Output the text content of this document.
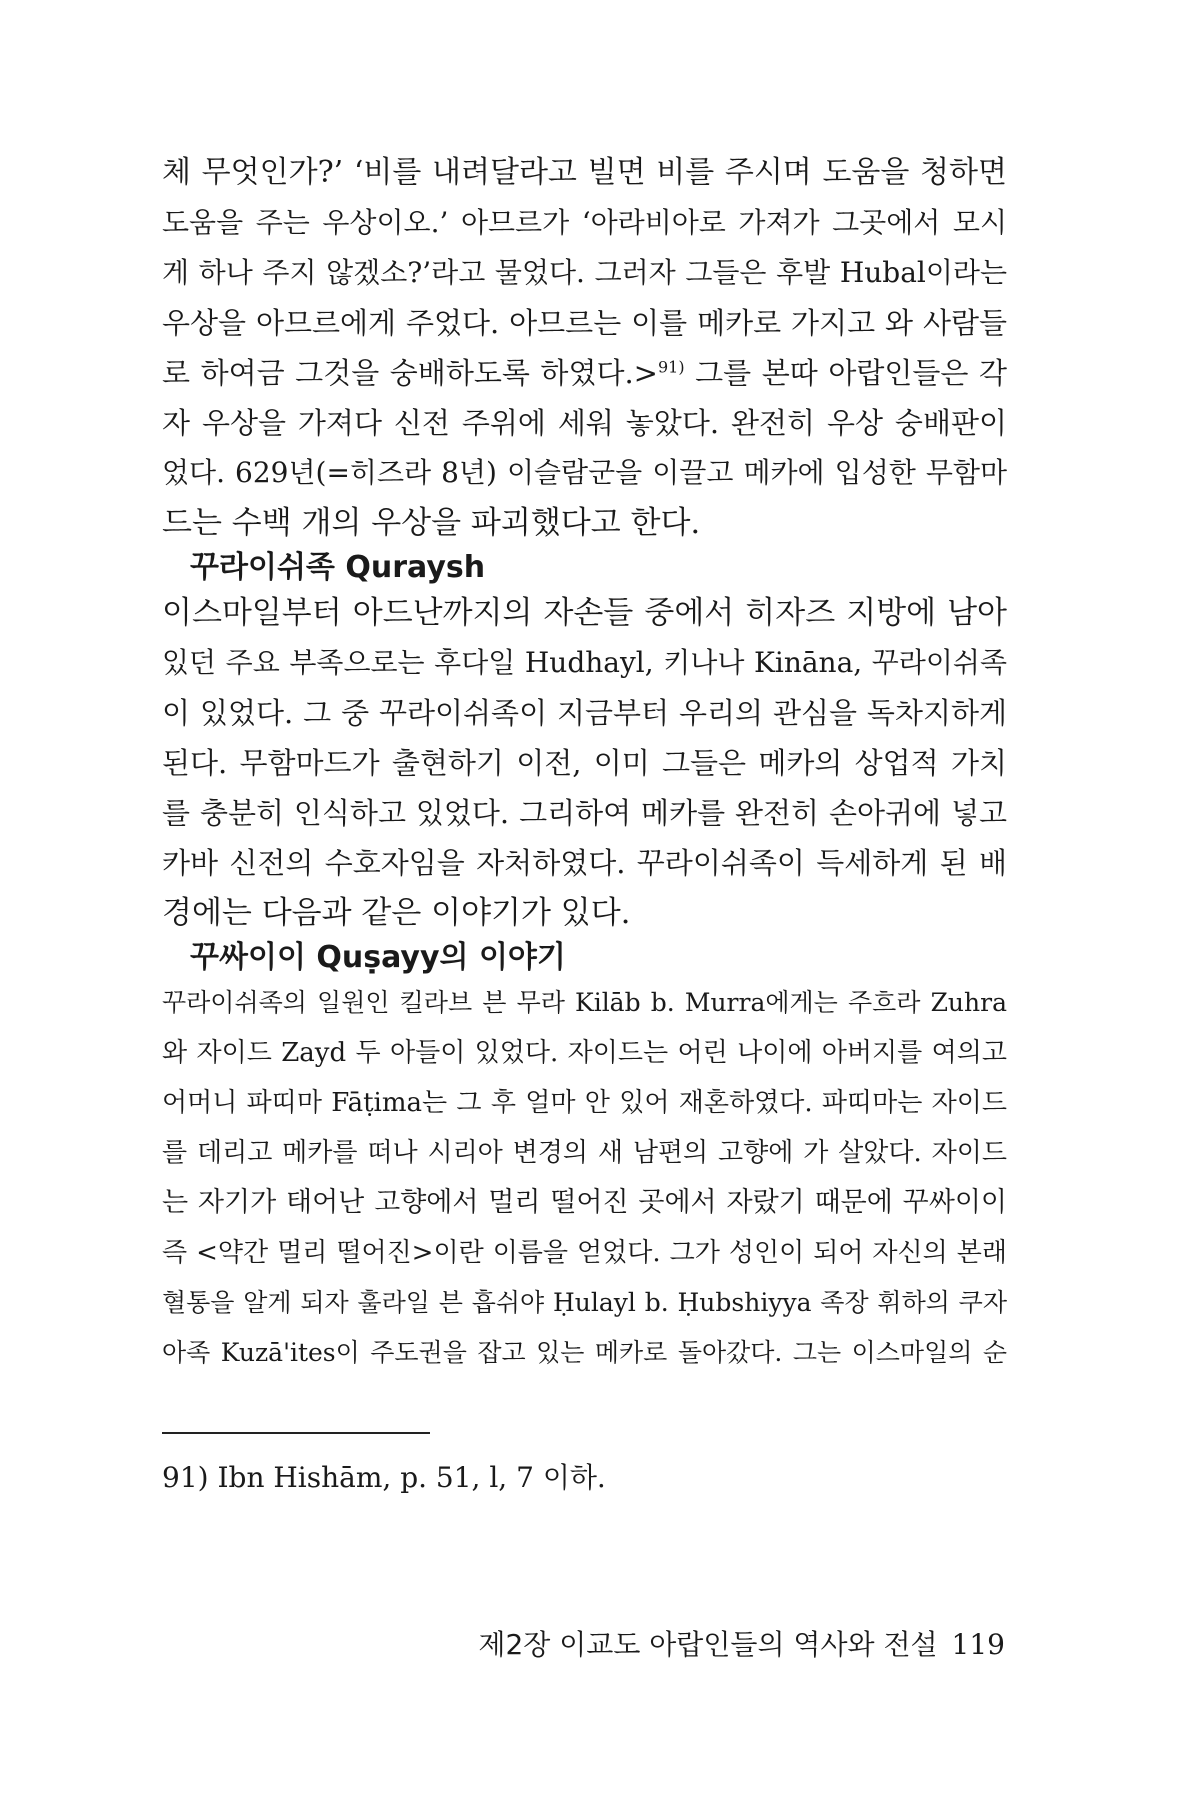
체 무엇인가?’ ‘비를 내려달라고 빌면 비를 주시며 도움을 청하면
도움을 주는 우상이오.’ 아므르가 ‘아라비아로 가져가 그곳에서 모시
게 하나 주지 않겠소?’라고 물었다. 그러자 그들은 후발 Hubal이라는
우상을 아므르에게 주었다. 아므르는 이를 메카로 가지고 와 사람들
로 하여금 그것을 숭배하도록 하였다.>$^{91)}$ 그를 본따 아랍인들은 각
자 우상을 가져다 신전 주위에 세워 놓았다. 완전히 우상 숭배판이
었다. 629년(=히즈라 8년) 이슬람군을 이끌고 메카에 입성한 무함마
드는 수백 개의 우상을 파괴했다고 한다.
꾸라이쉬족 Quraysh
이스마일부터 아드난까지의 자손들 중에서 히자즈 지방에 남아
있던 주요 부족으로는 후다일 Hudhayl, 키나나 Kināna, 꾸라이쉬족
이 있었다. 그 중 꾸라이쉬족이 지금부터 우리의 관심을 독차지하게
된다. 무함마드가 출현하기 이전, 이미 그들은 메카의 상업적 가치
를 충분히 인식하고 있었다. 그리하여 메카를 완전히 손아귀에 넣고
카바 신전의 수호자임을 자처하였다. 꾸라이쉬족이 득세하게 된 배
경에는 다음과 같은 이야기가 있다.
꾸싸이이 Quṣayy의 이야기
꾸라이쉬족의 일원인 킬라브 븐 무라 Kilāb b. Murra에게는 주흐라 Zuhra
와 자이드 Zayd 두 아들이 있었다. 자이드는 어린 나이에 아버지를 여의고
어머니 파띠마 Fāṭima는 그 후 얼마 안 있어 재혼하였다. 파띠마는 자이드
를 데리고 메카를 떠나 시리아 변경의 새 남편의 고향에 가 살았다. 자이드
는 자기가 태어난 고향에서 멀리 떨어진 곳에서 자랐기 때문에 꾸싸이이
즉 <약간 멀리 떨어진>이란 이름을 얻었다. 그가 성인이 되어 자신의 본래
혈통을 알게 되자 훌라일 븐 흡쉬야 Ḥulayl b. Ḥubshiyya 족장 휘하의 쿠자
아족 Kuzā'ites이 주도권을 잡고 있는 메카로 돌아갔다. 그는 이스마일의 순

91) Ibn Hishām, p. 51, l, 7 이하.

제2장 이교도 아랍인들의 역사와 전설 119
